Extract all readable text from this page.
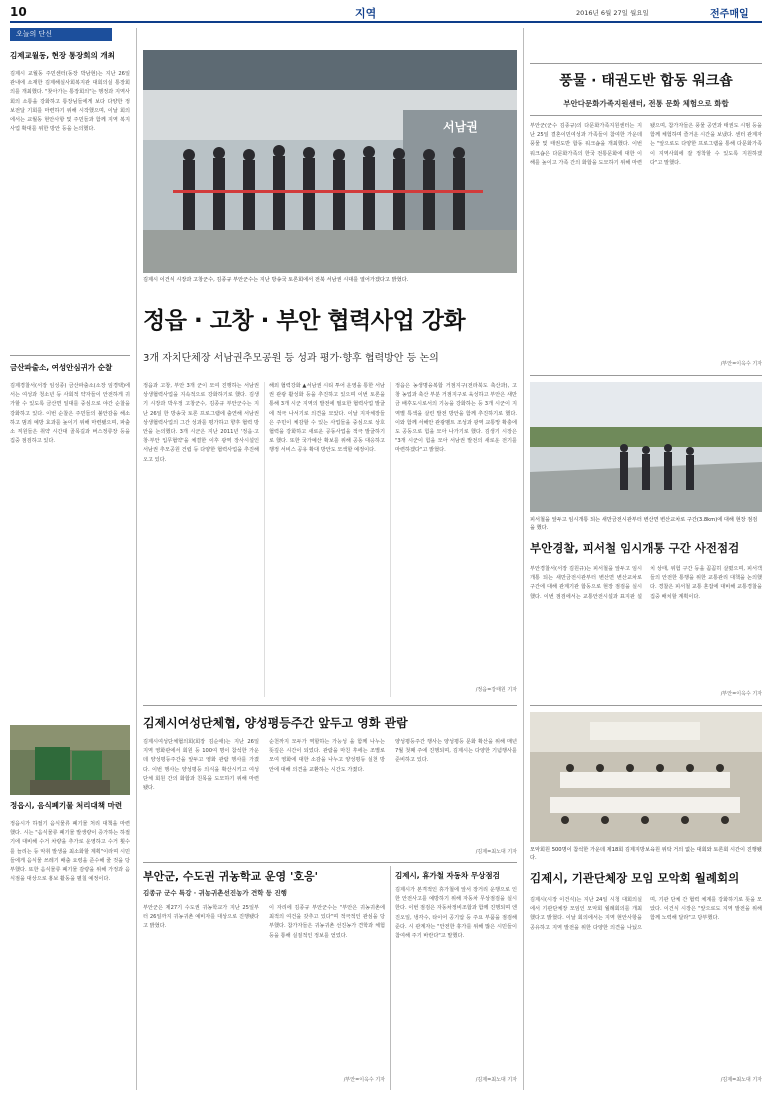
10	지역	2016년 6월 27일 월요일	전주매일
오늘의 단신
김제교월동, 현장 통장회의 개최
김제시 교월동 주민센터(동장 박남현)는 지난 26일 관내에 소재한 김제해실사회복지관 대회의실 통장회의를 개최했다. "찾아가는 통장회의"는 행정과 지역사회의 소통을 강화하고 통장님들에게 보다 다양한 정보전달 기회를 마련하기 위해 시작했으며, 이날 회의에서는 교월동 현안사항 및 주민들과 함께 지역 복지사업 확대를 위한 방안 등을 논의했다.
금산파출소, 여성안심귀가 순찰
김제경찰서(서장 임성종) 금산파출소(소장 임경택)에서는 여성과 청소년 등 사회적 약자들이 안전하게 귀가할 수 있도록 금산면 일대를 중심으로 야간 순찰을 강화하고 있다. 이번 순찰은 주민들의 불안감을 해소하고 범죄 예방 효과를 높이기 위해 마련됐으며, 파출소 직원들은 취약 시간대 골목길과 버스정류장 등을 집중 점검하고 있다.
정읍시, 음식폐기물 처리대책 마련
정읍시가 하절기 음식물류 폐기물 처리 대책을 마련했다. 시는 "음식물류 폐기물 발생량이 증가하는 하절기에 대비해 수거 차량을 추가로 운영하고 수거 횟수를 늘리는 등 악취 발생을 최소화할 계획"이라며 시민들에게 음식물 쓰레기 배출 요령을 준수해 줄 것을 당부했다. 또한 음식물류 폐기물 감량을 위해 가정과 음식점을 대상으로 홍보 활동을 펼칠 예정이다.
서남권
김제시 이건식 시장과 고창군수, 김종규 부안군수는 지난 방송국 토론회에서 전북 서남권 시대를 열어가겠다고 밝혔다.
정읍 · 고창 · 부안 협력사업 강화
3개 자치단체장 서남권추모공원 등 성과 평가·향후 협력방안 등 논의
정읍과 고창, 부안 3개 군이 모여 진행하는 서남권 상생협력사업을 지속적으로 강화하기로 했다. 김생기 시장과 박우정 고창군수, 김종규 부안군수는 지난 26일 한 방송국 토론 프로그램에 출연해 서남권 상생협력사업의 그간 성과를 평가하고 향후 협력 방안을 논의했다. 3개 시군은 지난 2011년 '정읍·고창·부안 입무협약'을 체결한 이후 광역 장사시설인 서남권 추모공원 건립 등 다양한 협력사업을 추진해 오고 있다.
해외 협력강화 ▲서남권 시티 투어 운영을 통한 서남권 관광 활성화 등을 추진하고 있으며 이번 토론을 통해 3개 시군 지역의 발전에 필요한 협력사업 발굴에 적극 나서기로 의견을 모았다. 이날 지자체장들은 주민이 체감할 수 있는 사업들을 중심으로 상호 협력을 강화하고 새로운 공동사업을 적극 발굴하기로 했다. 또한 국가예산 확보를 위해 공동 대응하고 행정 서비스 공유 확대 방안도 모색할 예정이다.
정읍은 농생명융복합 거점지구(전라북도 축산과), 고창 농업과 축산 부분 거점지구로 육성하고 부안은 새만금 배후도시로서의 기능을 강화하는 등 3개 시군이 지역별 특색을 살린 발전 방안을 함께 추진하기로 했다. 이와 함께 서해안 관광벨트 조성과 광역 교통망 확충에도 공동으로 힘을 모아 나가기로 했다. 김생기 시장은 "3개 시군이 힘을 모아 서남권 발전의 새로운 전기를 마련하겠다"고 밝혔다.
/정읍=강태원 기자
풍물 · 태권도반 합동 워크숍
부안다문화가족지원센터, 전통 문화 체험으로 화합
부안군(군수 김종규)의 다문화가족지원센터는 지난 25일 결혼이민여성과 가족들이 참여한 가운데 풍물 및 태권도반 합동 워크숍을 개최했다. 이번 워크숍은 다문화가족의 한국 전통문화에 대한 이해를 높이고 가족 간의 화합을 도모하기 위해 마련됐으며, 참가자들은 풍물 공연과 태권도 시범 등을 함께 체험하며 즐거운 시간을 보냈다. 센터 관계자는 "앞으로도 다양한 프로그램을 통해 다문화가족이 지역사회에 잘 정착할 수 있도록 지원하겠다"고 말했다.
/부안=이옥수 기자
피서철을 앞두고 임시개통 되는 새만금전시관부터 변산면 변산교차로 구간(3.8km)에 대해 현장 점검을 했다.
부안경찰, 피서철 임시개통 구간 사전점검
부안경찰서(서장 김원규)는 피서철을 앞두고 임시개통 되는 새만금전시관부터 변산면 변산교차로 구간에 대해 관계기관 합동으로 현장 점검을 실시했다. 이번 점검에서는 교통안전시설과 표지판 설치 상태, 위험 구간 등을 꼼꼼히 살폈으며, 피서객들의 안전한 통행을 위한 교통관리 대책을 논의했다. 경찰은 피서철 교통 혼잡에 대비해 교통경찰을 집중 배치할 계획이다.
/부안=이옥수 기자
모악회원 500명이 참석한 가운데 제18회 김제지방보육원 위탁 거의 없는 대회와 토론회 시간이 진행됐다.
김제시, 기관단체장 모임 모악회 월례회의
김제시(시장 이건식)는 지난 24일 시청 대회의실에서 기관단체장 모임인 모악회 월례회의를 개최했다고 밝혔다. 이날 회의에서는 지역 현안사항을 공유하고 지역 발전을 위한 다양한 의견을 나눴으며, 기관 단체 간 협력 체계를 강화하기로 뜻을 모았다. 이건식 시장은 "앞으로도 지역 발전을 위해 함께 노력해 달라"고 당부했다.
/김제=최노대 기자
김제시여성단체협, 양성평등주간 앞두고 영화 관람
김제시여성단체협의회(회장 김순애)는 지난 26일 지역 영화관에서 회원 등 100여 명이 참석한 가운데 양성평등주간을 앞두고 영화 관람 행사를 가졌다. 이번 행사는 양성평등 의식을 확산시키고 여성단체 회원 간의 화합과 친목을 도모하기 위해 마련됐다.
순천까지 모두가 역할하는 가능성 을 함께 나누는 뜻깊은 시간이 되었다. 관람을 마친 후에는 조별로 모여 영화에 대한 소감을 나누고 양성평등 실천 방안에 대해 의견을 교환하는 시간도 가졌다.
양성평등주간 행사는 양성평등 문화 확산을 위해 매년 7월 첫째 주에 진행되며, 김제시는 다양한 기념행사를 준비하고 있다.
/김제=최노대 기자
부안군, 수도권 귀농학교 운영 '호응'
김종규 군수 특강 · 귀농귀촌선진농가 견학 등 진행
부안군은 제27기 수도권 귀농학교가 지난 25일부터 26일까지 귀농귀촌 예비자를 대상으로 진행됐다고 밝혔다.
이 자리에 김종규 부안군수는 "부안은 귀농귀촌에 최적의 여건을 갖추고 있다"며 적극적인 관심을 당부했다. 참가자들은 귀농귀촌 선진농가 견학과 체험 등을 통해 실질적인 정보를 얻었다.
/부안=이옥수 기자
김제시, 휴가철 자동차 무상점검
김제시가 본격적인 휴가철에 앞서 장거리 운행으로 인한 안전사고를 예방하기 위해 자동차 무상점검을 실시한다. 이번 점검은 자동차정비조합과 함께 진행되며 엔진오일, 냉각수, 타이어 공기압 등 주요 부품을 점검해 준다. 시 관계자는 "안전한 휴가를 위해 많은 시민들이 참여해 주기 바란다"고 말했다.
/김제=최노대 기자
